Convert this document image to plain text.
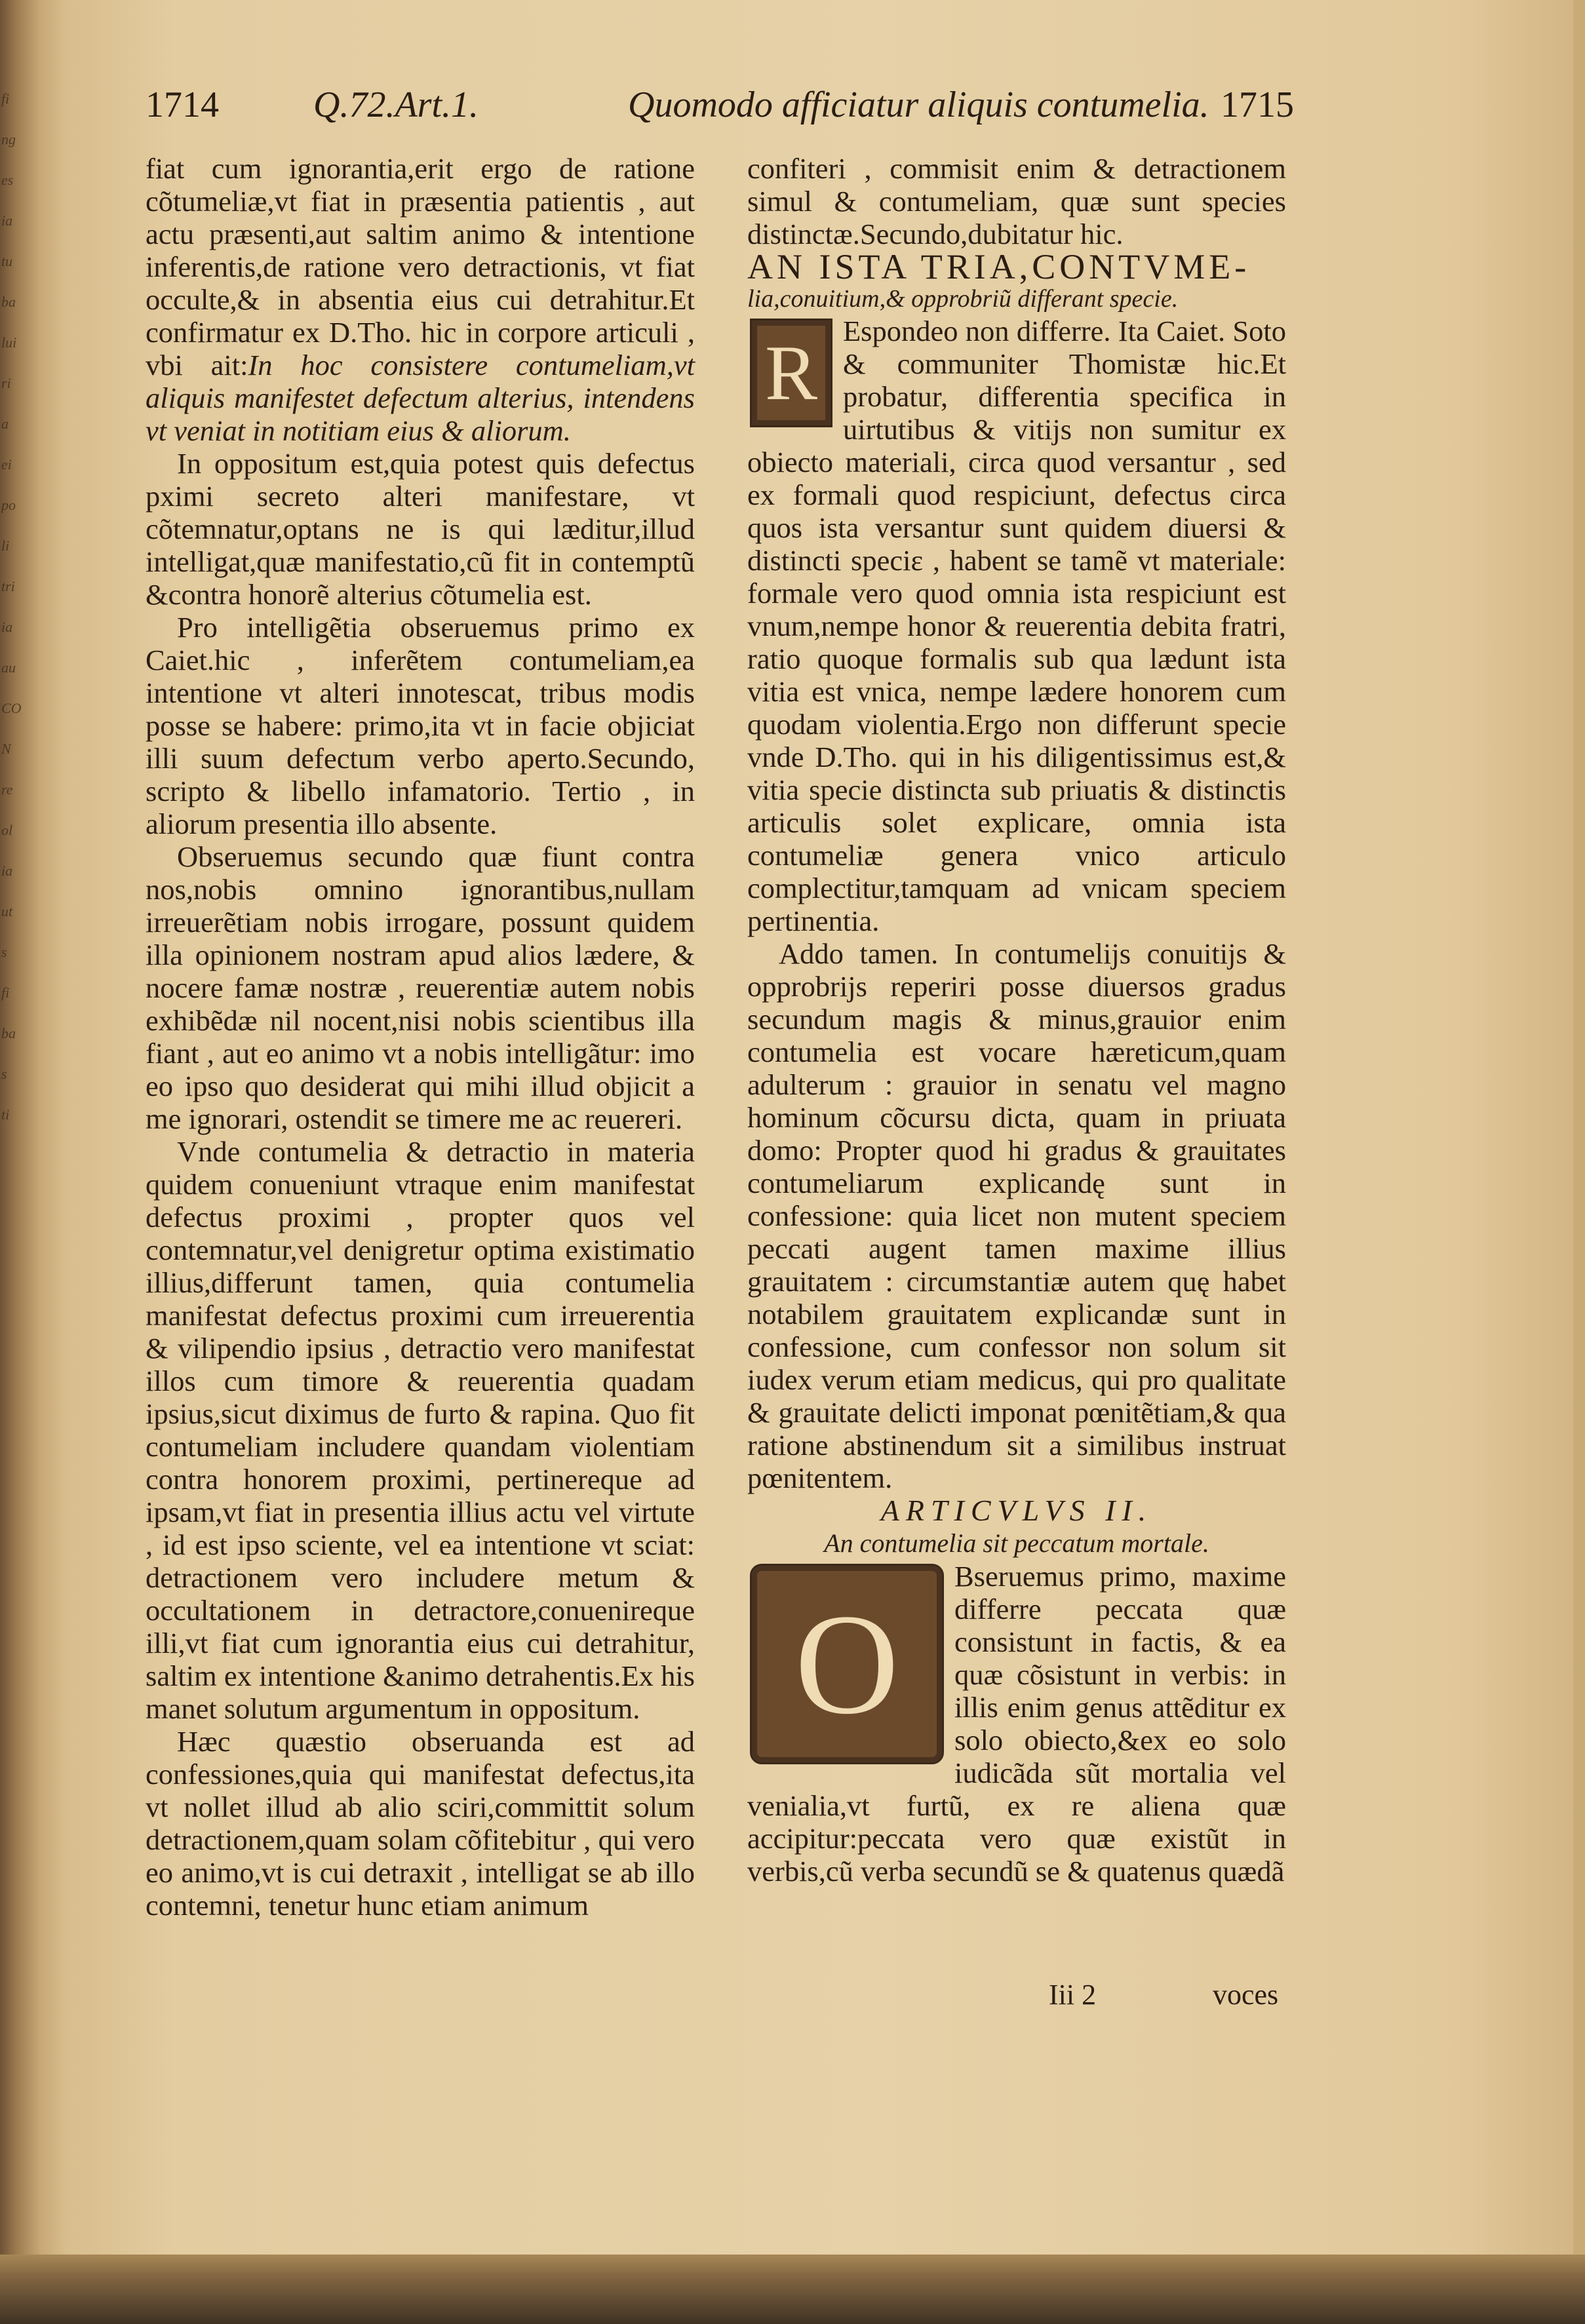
fi
ng
es
ia
tu
ba
lui
ri
a
ei
po
li
tri
ia
au
CON
re
ol
ia
ut
s
fi
ba
s
ti
1714	Q.72.Art.1.	Quomodo afficiatur aliquis contumelia. 1715

fiat cum ignorantia,erit ergo de ratione cõtumeliæ,vt fiat in præsentia patientis , aut actu præsenti,aut saltim animo & intentione inferentis,de ratione vero detractionis, vt fiat occulte,& in absentia eius cui detrahitur.Et confirmatur ex D.Tho. hic in corpore articuli , vbi ait:In hoc consistere contumeliam,vt aliquis manifestet defectum alterius, intendens vt veniat in notitiam eius & aliorum.

In oppositum est,quia potest quis defectus pximi secreto alteri manifestare, vt cõtemnatur,optans ne is qui læditur,illud intelligat,quæ manifestatio,cũ fit in contemptũ &contra honorẽ alterius cõtumelia est.

Pro intelligẽtia obseruemus primo ex Caiet.hic , inferẽtem contumeliam,ea intentione vt alteri innotescat, tribus modis posse se habere: primo,ita vt in facie objiciat illi suum defectum verbo aperto.Secundo, scripto & libello infamatorio. Tertio , in aliorum presentia illo absente.

Obseruemus secundo quæ fiunt contra nos,nobis omnino ignorantibus,nullam irreuerẽtiam nobis irrogare, possunt quidem illa opinionem nostram apud alios lædere, & nocere famæ nostræ , reuerentiæ autem nobis exhibẽdæ nil nocent,nisi nobis scientibus illa fiant , aut eo animo vt a nobis intelligãtur: imo eo ipso quo desiderat qui mihi illud objicit a me ignorari, ostendit se timere me ac reuereri.

Vnde contumelia & detractio in materia quidem conueniunt vtraque enim manifestat defectus proximi , propter quos vel contemnatur,vel denigretur optima existimatio illius,differunt tamen, quia contumelia manifestat defectus proximi cum irreuerentia & vilipendio ipsius , detractio vero manifestat illos cum timore & reuerentia quadam ipsius,sicut diximus de furto & rapina. Quo fit contumeliam includere quandam violentiam contra honorem proximi, pertinereque ad ipsam,vt fiat in presentia illius actu vel virtute , id est ipso sciente, vel ea intentione vt sciat: detractionem vero includere metum & occultationem in detractore,conuenireque illi,vt fiat cum ignorantia eius cui detrahitur, saltim ex intentione &animo detrahentis.Ex his manet solutum argumentum in oppositum.

Hæc quæstio obseruanda est ad confessiones,quia qui manifestat defectus,ita vt nollet illud ab alio sciri,committit solum detractionem,quam solam cõfitebitur , qui vero eo animo,vt is cui detraxit , intelligat se ab illo contemni, tenetur hunc etiam animum

confiteri , commisit enim & detractionem simul & contumeliam, quæ sunt species distinctæ.Secundo,dubitatur hic.

AN ISTA TRIA,CONTVME-

lia,conuitium,& opprobriũ differant specie.

R Espondeo non differre. Ita Caiet. Soto & communiter Thomistæ hic.Et probatur, differentia specifica in uirtutibus & vitijs non sumitur ex obiecto materiali, circa quod versantur , sed ex formali quod respiciunt, defectus circa quos ista versantur sunt quidem diuersi & distincti speciε , habent se tamẽ vt materiale: formale vero quod omnia ista respiciunt est vnum,nempe honor & reuerentia debita fratri, ratio quoque formalis sub qua lædunt ista vitia est vnica, nempe lædere honorem cum quodam violentia.Ergo non differunt specie vnde D.Tho. qui in his diligentissimus est,& vitia specie distincta sub priuatis & distinctis articulis solet explicare, omnia ista contumeliæ genera vnico articulo complectitur,tamquam ad vnicam speciem pertinentia.

Addo tamen. In contumelijs conuitijs & opprobrijs reperiri posse diuersos gradus secundum magis & minus,grauior enim contumelia est vocare hæreticum,quam adulterum : grauior in senatu vel magno hominum cõcursu dicta, quam in priuata domo: Propter quod hi gradus & grauitates contumeliarum explicandę sunt in confessione: quia licet non mutent speciem peccati augent tamen maxime illius grauitatem : circumstantiæ autem quę habet notabilem grauitatem explicandæ sunt in confessione, cum confessor non solum sit iudex verum etiam medicus, qui pro qualitate & grauitate delicti imponat pœnitẽtiam,& qua ratione abstinendum sit a similibus instruat pœnitentem.

ARTICVLVS II.

An contumelia sit peccatum mortale.

O
Bseruemus primo, maxime differre peccata quæ consistunt in factis, & ea quæ cõsistunt in verbis: in illis enim genus attẽditur ex solo obiecto,&ex eo solo iudicãda sũt mortalia vel venialia,vt furtũ, ex re aliena quæ accipitur:peccata vero quæ existũt in verbis,cũ verba secundũ se & quatenus quædã

Iii 2	voces
